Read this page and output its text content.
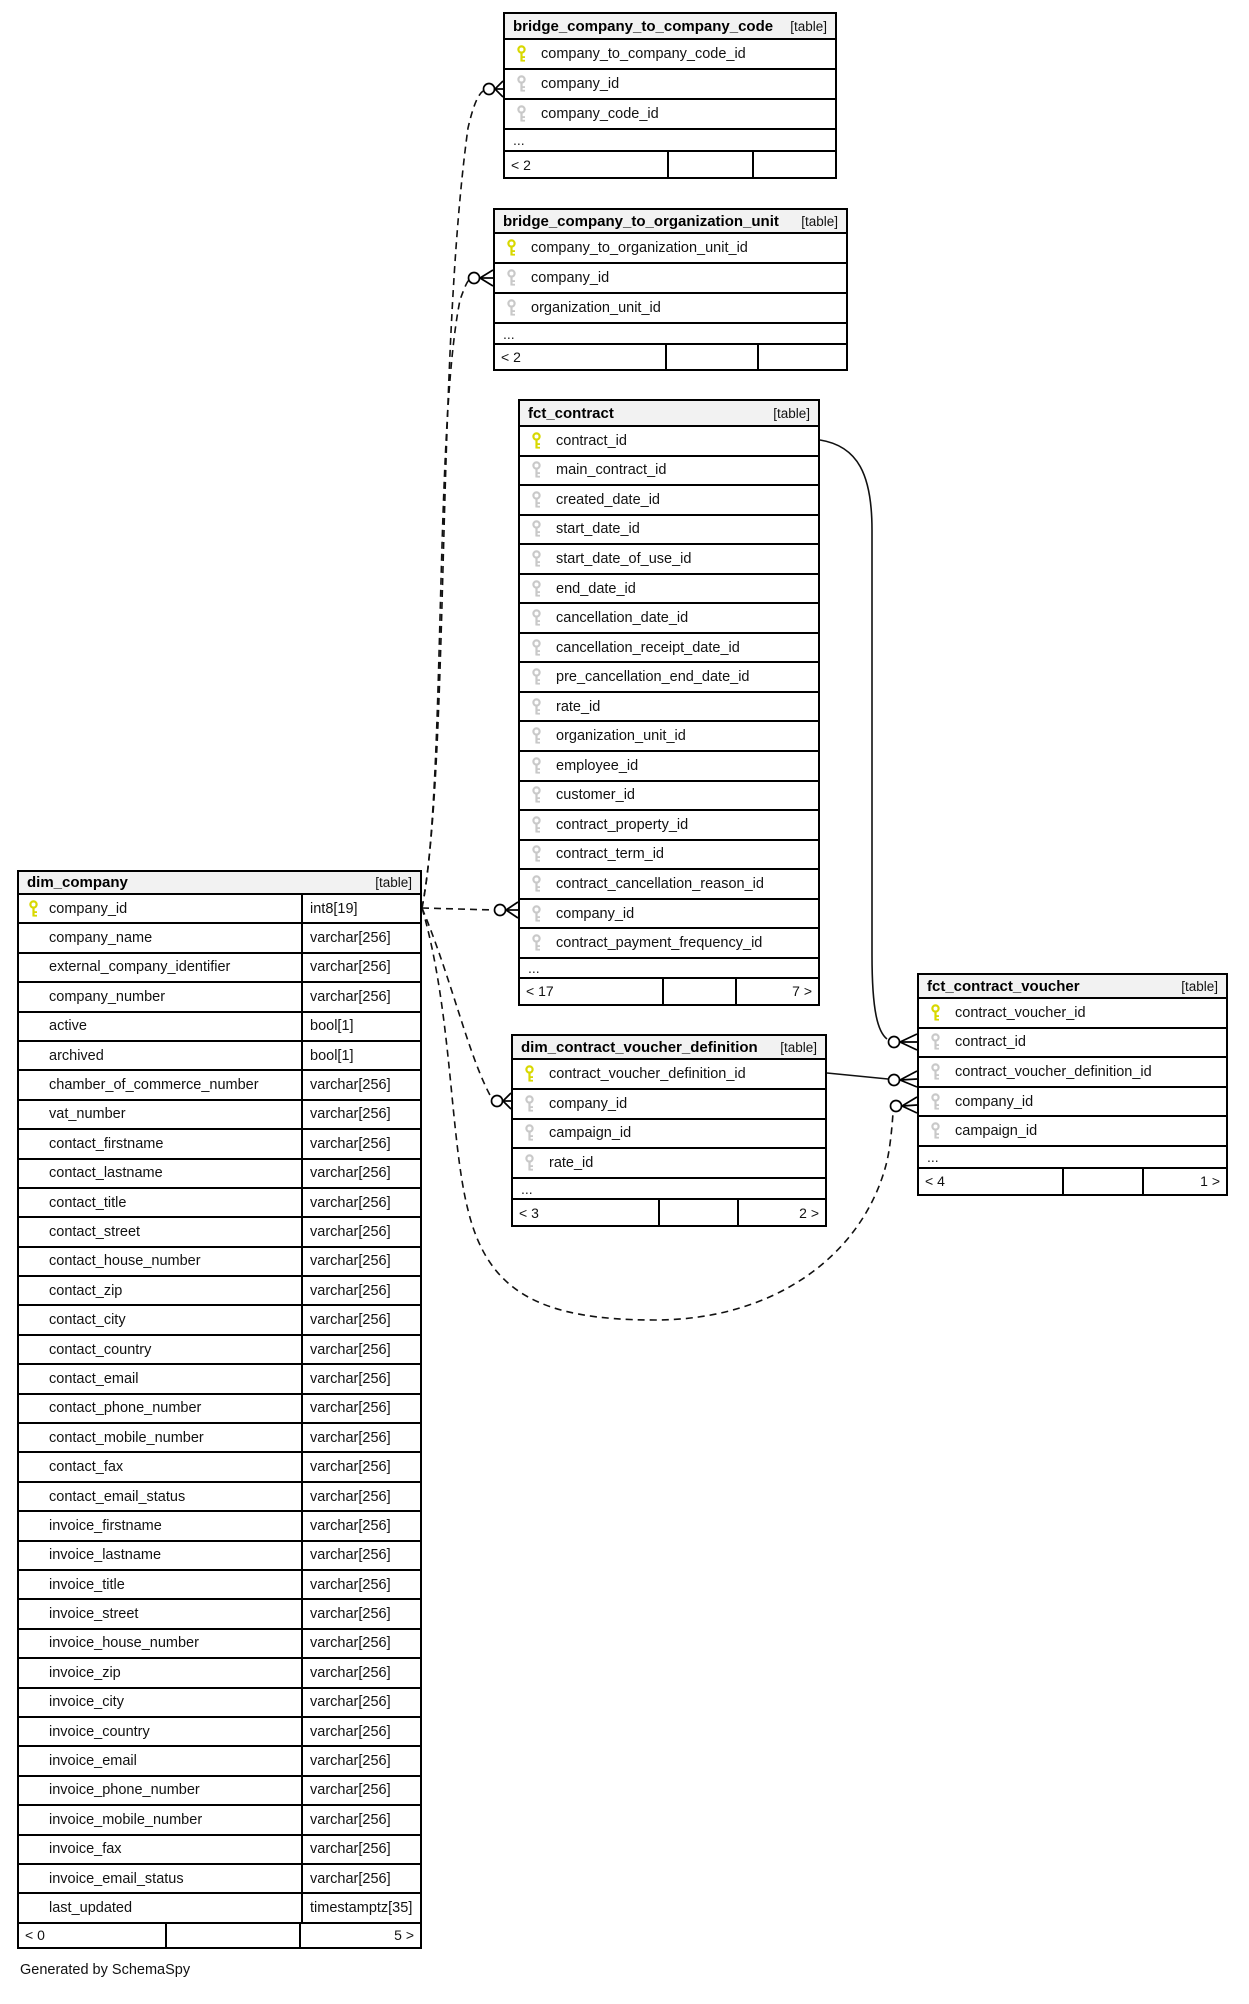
bridge_company_to_company_code [table]
company_to_company_code_id
company_id
company_code_id
...
< 2
bridge_company_to_organization_unit [table]
company_to_organization_unit_id
company_id
organization_unit_id
...
< 2
fct_contract	[table]
contract_id
main_contract_id
created_date_id
start_date_id
start_date_of_use_id
end_date_id
cancellation_date_id
cancellation_receipt_date_id
pre_cancellation_end_date_id
rate_id
organization_unit_id
employee_id
customer_id
contract_property_id
contract_term_id
contract_cancellation_reason_id
company_id
contract_payment_frequency_id
...
< 17	7 >
dim_company	[table]
company_id	int8[19]
company_name	varchar[256]
external_company_identifier	varchar[256]
company_number	varchar[256]
active	bool[1]
archived	bool[1]
chamber_of_commerce_number	varchar[256]
vat_number	varchar[256]
contact_firstname	varchar[256]
contact_lastname	varchar[256]
contact_title	varchar[256]
contact_street	varchar[256]
contact_house_number	varchar[256]
contact_zip	varchar[256]
contact_city	varchar[256]
contact_country	varchar[256]
contact_email	varchar[256]
contact_phone_number	varchar[256]
contact_mobile_number	varchar[256]
contact_fax	varchar[256]
contact_email_status	varchar[256]
invoice_firstname	varchar[256]
invoice_lastname	varchar[256]
invoice_title	varchar[256]
invoice_street	varchar[256]
invoice_house_number	varchar[256]
invoice_zip	varchar[256]
invoice_city	varchar[256]
invoice_country	varchar[256]
invoice_email	varchar[256]
invoice_phone_number	varchar[256]
invoice_mobile_number	varchar[256]
invoice_fax	varchar[256]
invoice_email_status	varchar[256]
last_updated	timestamptz[35]
< 0	5 >
dim_contract_voucher_definition [table]
contract_voucher_definition_id
company_id
campaign_id
rate_id
...
< 3	2 >
fct_contract_voucher	[table]
contract_voucher_id
contract_id
contract_voucher_definition_id
company_id
campaign_id
...
< 4	1 >
Generated by SchemaSpy
